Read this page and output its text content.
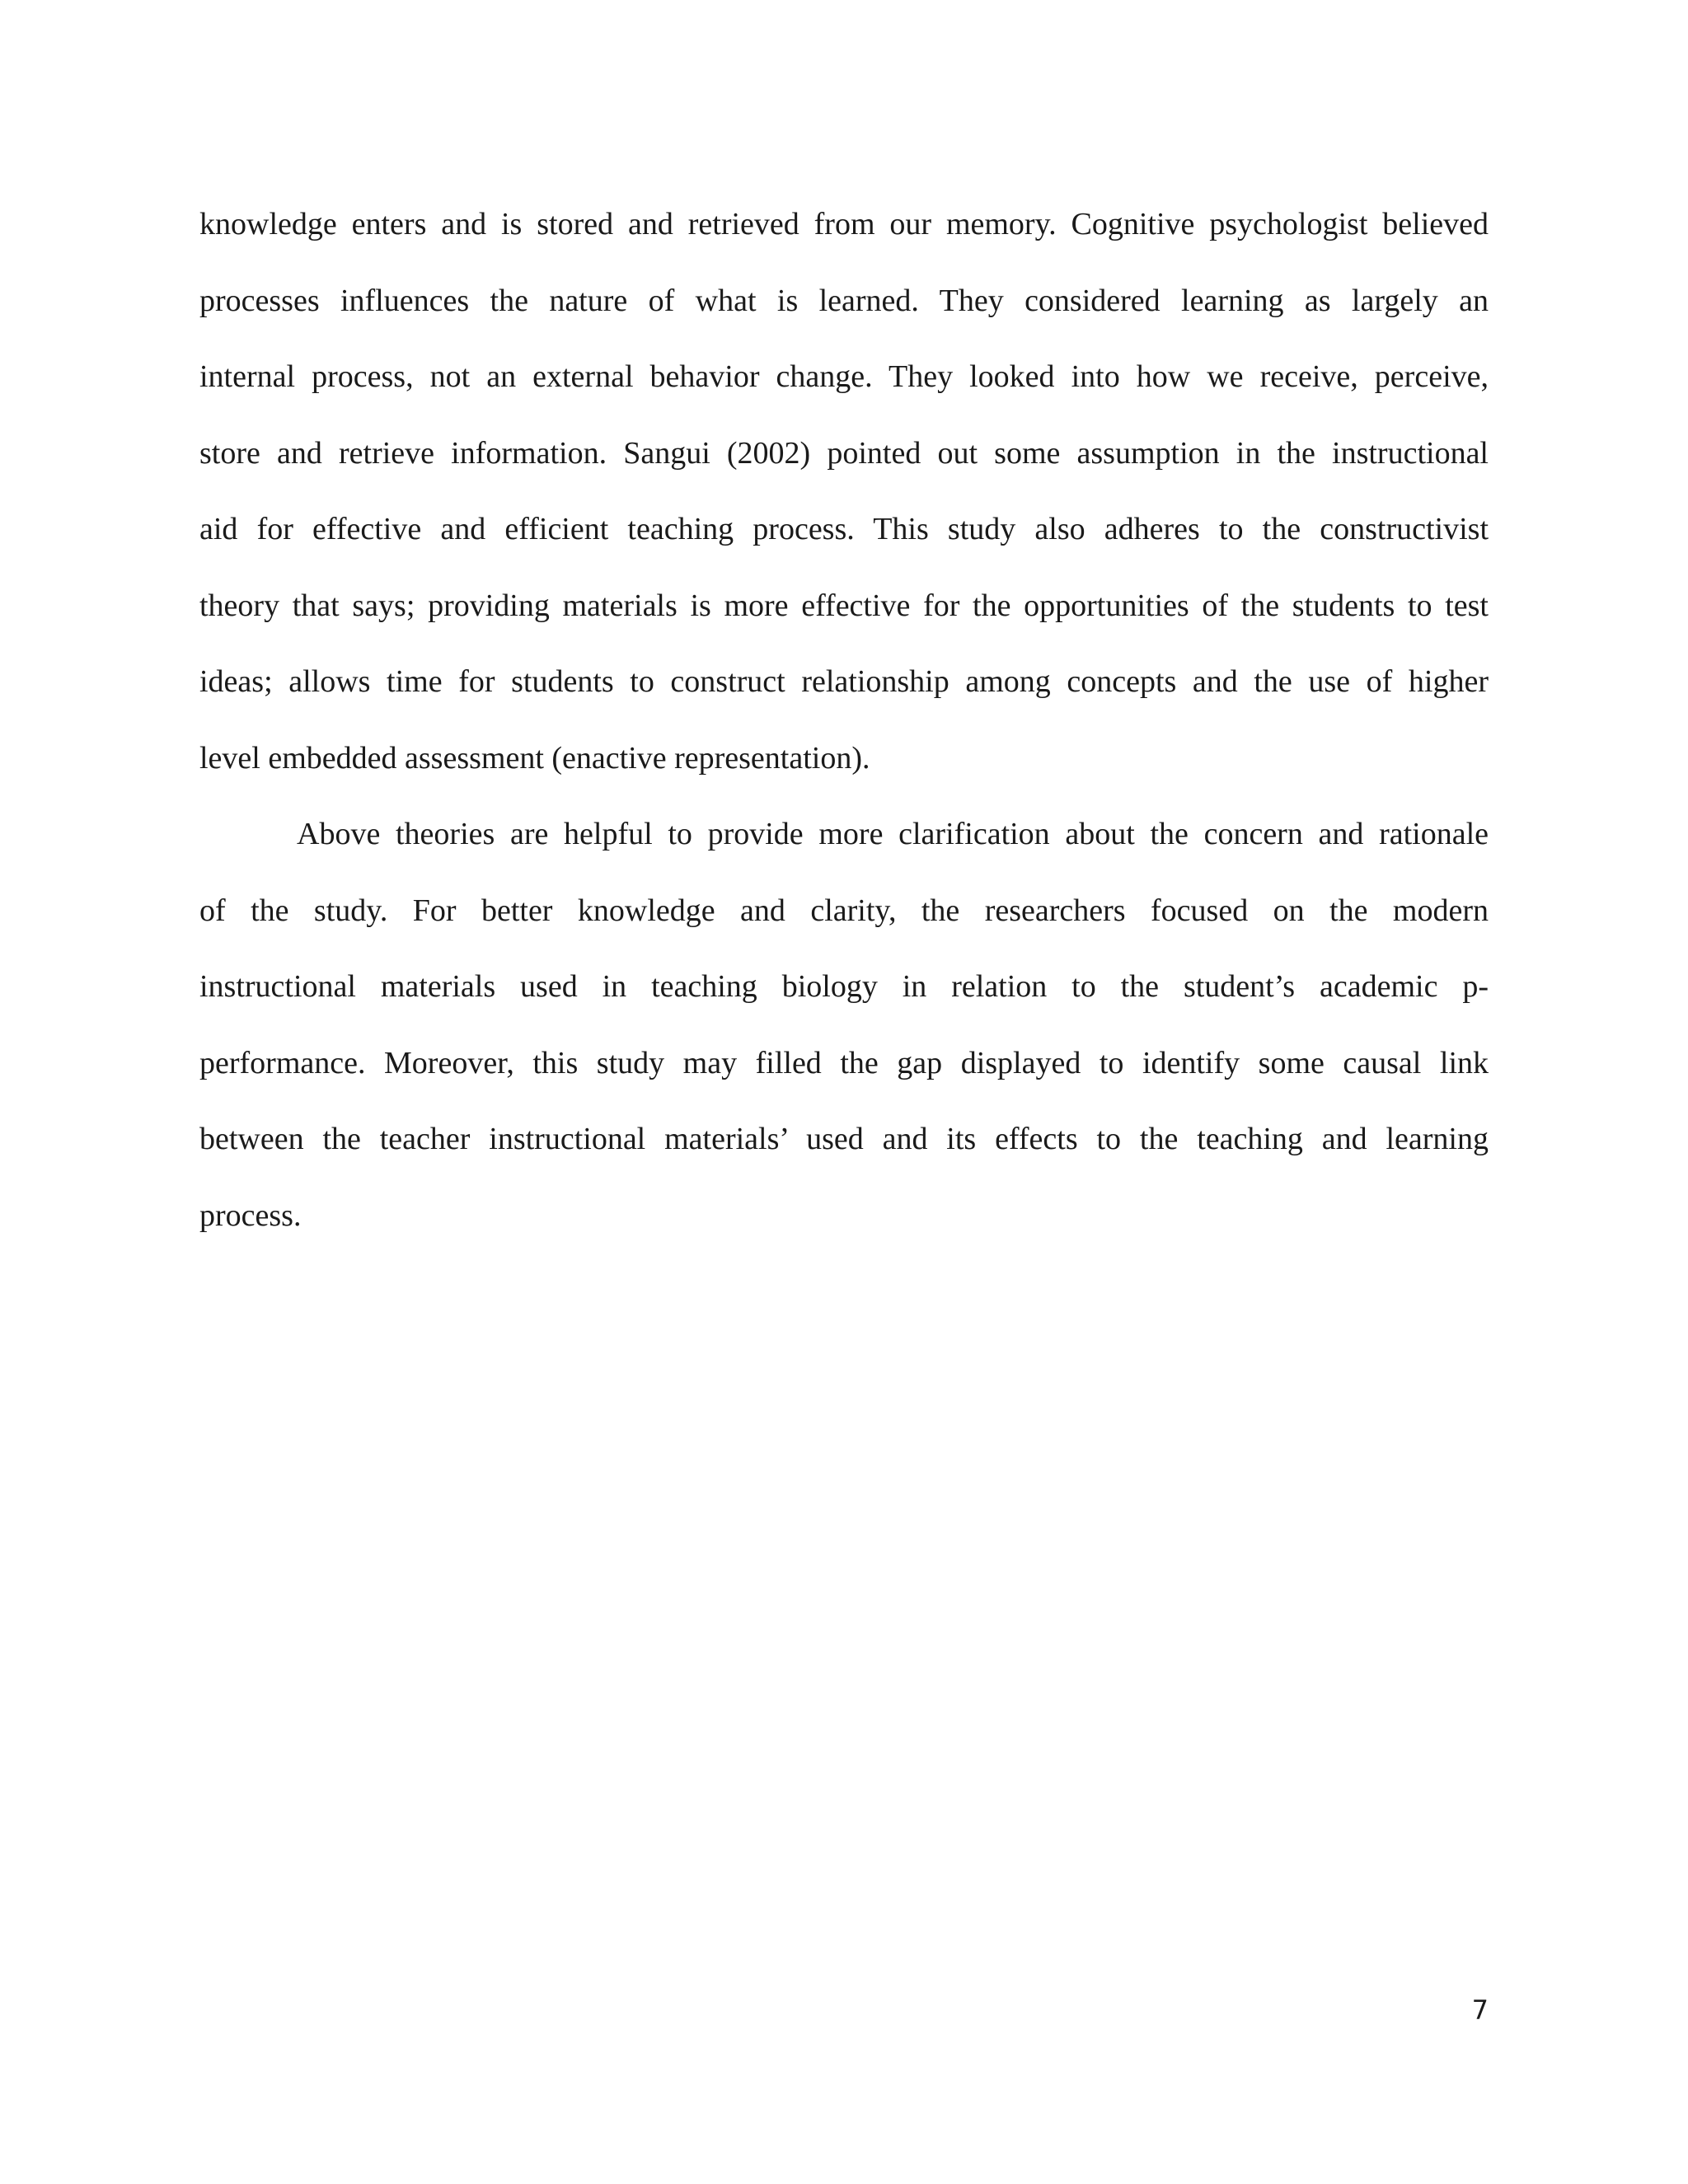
knowledge enters and is stored and retrieved from our memory. Cognitive psychologist believed
processes influences the nature of what is learned. They considered learning as largely an
internal process, not an external behavior change. They looked into how we receive, perceive,
store and retrieve information. Sangui (2002) pointed out some assumption in the instructional
aid for effective and efficient teaching process. This study also adheres to the constructivist
theory that says; providing materials is more effective for the opportunities of the students to test
ideas; allows time for students to construct relationship among concepts and the use of higher
level embedded assessment (enactive representation).

Above theories are helpful to provide more clarification about the concern and rationale
of the study. For better knowledge and clarity, the researchers focused on the modern
instructional materials used in teaching biology in relation to the student’s academic p-
performance. Moreover, this study may filled the gap displayed to identify some causal link
between the teacher instructional materials’ used and its effects to the teaching and learning
process.

7
